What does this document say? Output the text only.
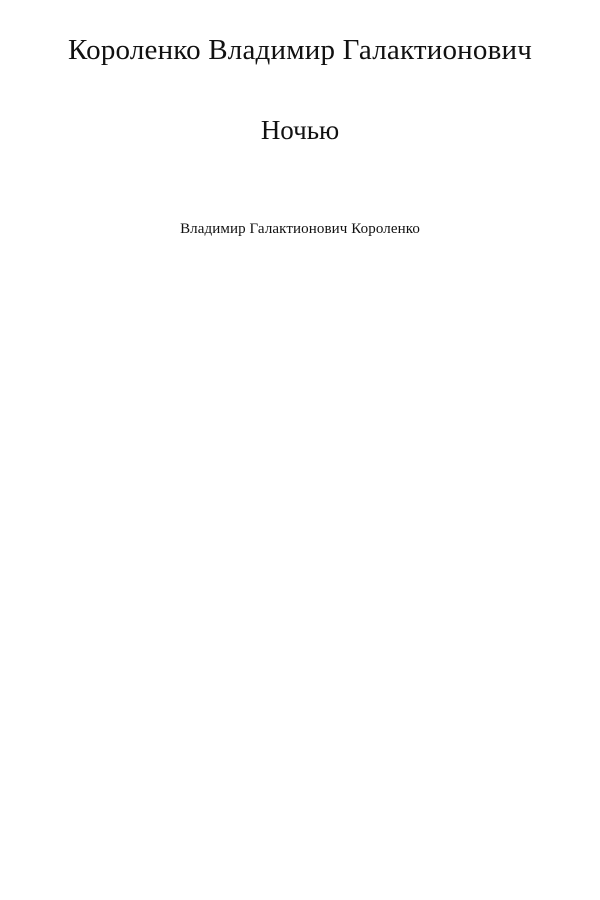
Короленко Владимир Галактионович
Ночью

Владимир Галактионович Короленко
